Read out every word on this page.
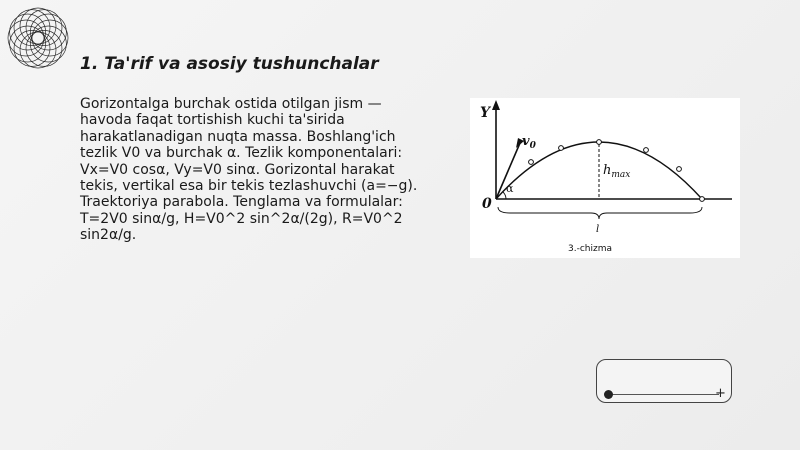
1. Ta'rif va asosiy tushunchalar

Gorizontalga burchak ostida otilgan jism — havoda faqat tortishish kuchi ta'sirida harakatlanadigan nuqta massa. Boshlang'ich tezlik V0 va burchak α. Tezlik komponentalari: Vx=V0 cosα, Vy=V0 sinα. Gorizontal harakat tekis, vertikal esa bir tekis tezlashuvchi (a=−g). Traektoriya parabola. Tenglama va formulalar: T=2V0 sinα/g, H=V0^2 sin^2α/(2g), R=V0^2 sin2α/g.

Y
0
$v_0$
α
$h_{max}$
l
3.-chizma
+
